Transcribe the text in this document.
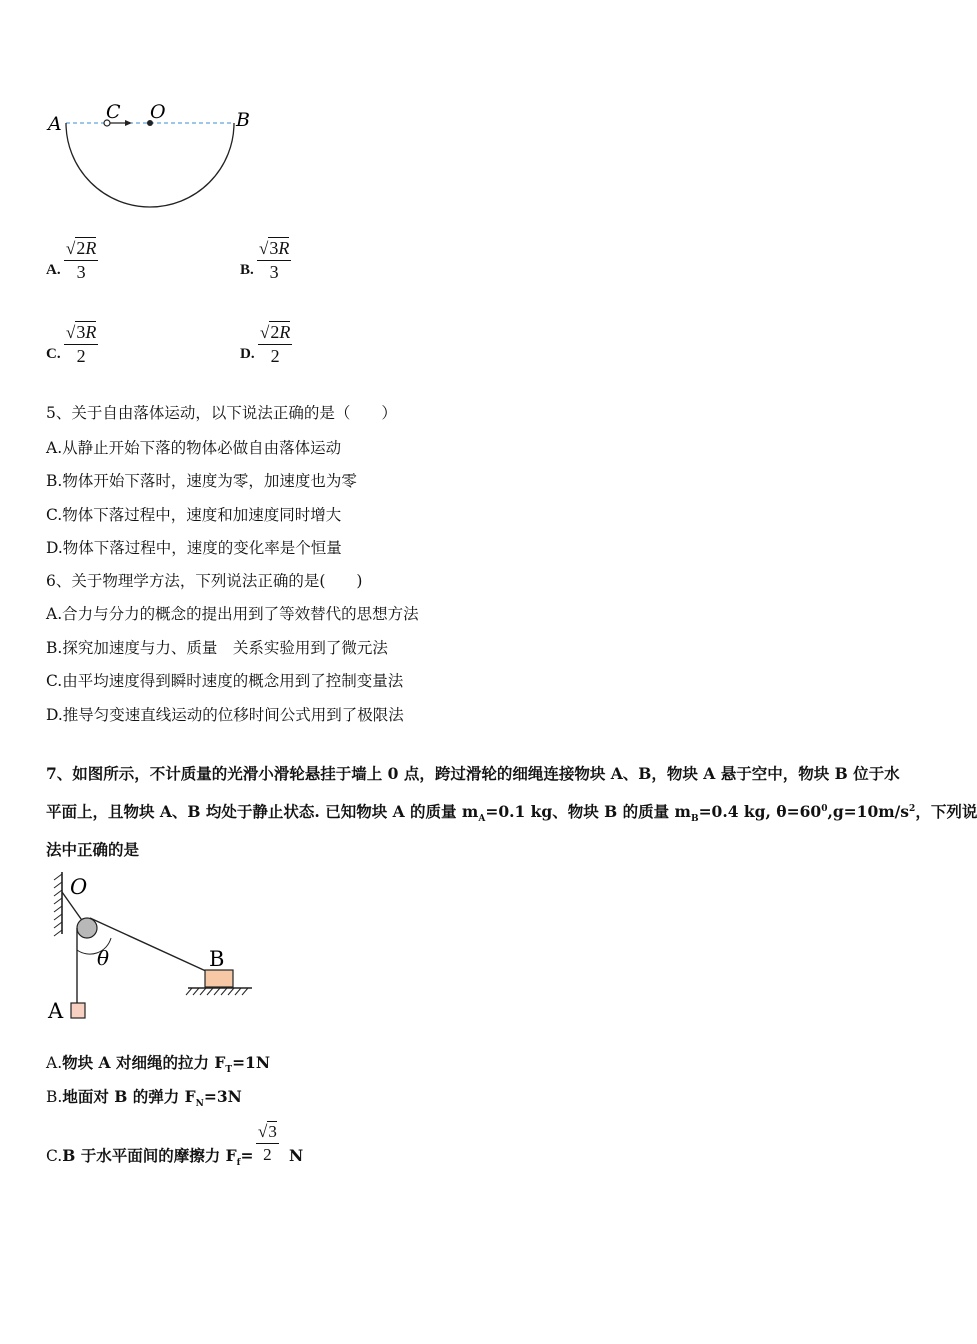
A
C O	B
A.
√2R
3	B.
√3R
3
C.
√3R
2	D.
√2R
2
5、关于自由落体运动，以下说法正确的是（　　）
A.从静止开始下落的物体必做自由落体运动
B.物体开始下落时，速度为零，加速度也为零
C.物体下落过程中，速度和加速度同时增大
D.物体下落过程中，速度的变化率是个恒量
6、关于物理学方法，下列说法正确的是(　　)
A.合力与分力的概念的提出用到了等效替代的思想方法
B.探究加速度与力、质量　关系实验用到了微元法
C.由平均速度得到瞬时速度的概念用到了控制变量法
D.推导匀变速直线运动的位移时间公式用到了极限法
7、如图所示，不计质量的光滑小滑轮悬挂于墙上 0 点，跨过滑轮的细绳连接物块 A、B，物块 A 悬于空中，物块 B 位于水
平面上，且物块 A、B 均处于静止状态. 已知物块 A 的质量 $m_A=0.1$ kg、物块 B 的质量 $m_B=0.4$ kg, $\theta=60^0,g=10m/s^2$，下列说
法中正确的是
O
θ	B
A
A.物块 A 对细绳的拉力 $F_T=1N$
B.地面对 B 的弹力 $F_N=3N$
C.B 于水平面间的摩擦力 $F_f=$
√3
2	N
